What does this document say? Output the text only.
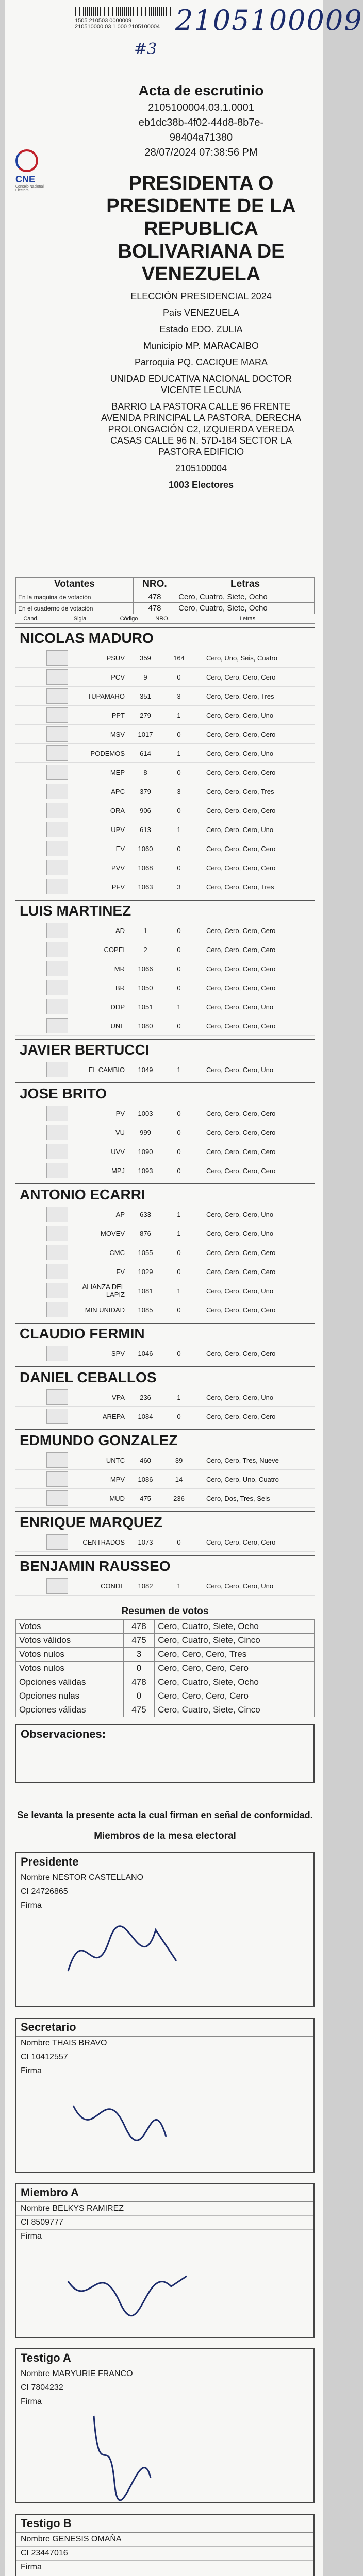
1505 210503 0000009
210510000 03 1 000 2105100004 2105100009
#3
CNE
Consejo Nacional Electoral
Acta de escrutinio
2105100004.03.1.0001
eb1dc38b-4f02-44d8-8b7e-
98404a71380
28/07/2024 07:38:56 PM
PRESIDENTA O PRESIDENTE DE LA REPUBLICA BOLIVARIANA DE VENEZUELA
ELECCIÓN PRESIDENCIAL 2024
País VENEZUELA
Estado EDO. ZULIA
Municipio MP. MARACAIBO
Parroquia PQ. CACIQUE MARA
UNIDAD EDUCATIVA NACIONAL DOCTOR VICENTE LECUNA
BARRIO LA PASTORA CALLE 96 FRENTE AVENIDA PRINCIPAL LA PASTORA, DERECHA PROLONGACIÓN C2, IZQUIERDA VEREDA CASAS CALLE 96 N. 57D-184 SECTOR LA PASTORA EDIFICIO
2105100004
1003 Electores
Votantes	NRO.	Letras
En la maquina de votación	478	Cero, Cuatro, Siete, Ocho
En el cuaderno de votación	478	Cero, Cuatro, Siete, Ocho
Cand.	Sigla	Código	NRO.	Letras
NICOLAS MADURO
PSUV	359	164	Cero, Uno, Seis, Cuatro
PCV	9	0	Cero, Cero, Cero, Cero
TUPAMARO	351	3	Cero, Cero, Cero, Tres
PPT	279	1	Cero, Cero, Cero, Uno
MSV	1017	0	Cero, Cero, Cero, Cero
PODEMOS	614	1	Cero, Cero, Cero, Uno
MEP	8	0	Cero, Cero, Cero, Cero
APC	379	3	Cero, Cero, Cero, Tres
ORA	906	0	Cero, Cero, Cero, Cero
UPV	613	1	Cero, Cero, Cero, Uno
EV	1060	0	Cero, Cero, Cero, Cero
PVV	1068	0	Cero, Cero, Cero, Cero
PFV	1063	3	Cero, Cero, Cero, Tres
LUIS MARTINEZ
AD	1	0	Cero, Cero, Cero, Cero
COPEI	2	0	Cero, Cero, Cero, Cero
MR	1066	0	Cero, Cero, Cero, Cero
BR	1050	0	Cero, Cero, Cero, Cero
DDP	1051	1	Cero, Cero, Cero, Uno
UNE	1080	0	Cero, Cero, Cero, Cero
JAVIER BERTUCCI
EL CAMBIO	1049	1	Cero, Cero, Cero, Uno
JOSE BRITO
PV	1003	0	Cero, Cero, Cero, Cero
VU	999	0	Cero, Cero, Cero, Cero
UVV	1090	0	Cero, Cero, Cero, Cero
MPJ	1093	0	Cero, Cero, Cero, Cero
ANTONIO ECARRI
AP	633	1	Cero, Cero, Cero, Uno
MOVEV	876	1	Cero, Cero, Cero, Uno
CMC	1055	0	Cero, Cero, Cero, Cero
FV	1029	0	Cero, Cero, Cero, Cero
ALIANZA DEL LAPIZ	1081	1	Cero, Cero, Cero, Uno
MIN UNIDAD	1085	0	Cero, Cero, Cero, Cero
CLAUDIO FERMIN
SPV	1046	0	Cero, Cero, Cero, Cero
DANIEL CEBALLOS
VPA	236	1	Cero, Cero, Cero, Uno
AREPA	1084	0	Cero, Cero, Cero, Cero
EDMUNDO GONZALEZ
UNTC	460	39	Cero, Cero, Tres, Nueve
MPV	1086	14	Cero, Cero, Uno, Cuatro
MUD	475	236	Cero, Dos, Tres, Seis
ENRIQUE MARQUEZ
CENTRADOS	1073	0	Cero, Cero, Cero, Cero
BENJAMIN RAUSSEO
CONDE	1082	1	Cero, Cero, Cero, Uno
Resumen de votos
Votos	478	Cero, Cuatro, Siete, Ocho
Votos válidos	475	Cero, Cuatro, Siete, Cinco
Votos nulos	3	Cero, Cero, Cero, Tres
Votos nulos	0	Cero, Cero, Cero, Cero
Opciones válidas	478	Cero, Cuatro, Siete, Ocho
Opciones nulas	0	Cero, Cero, Cero, Cero
Opciones válidas	475	Cero, Cuatro, Siete, Cinco
Observaciones:
Se levanta la presente acta la cual firman en señal de conformidad.
Miembros de la mesa electoral
Presidente
Nombre NESTOR CASTELLANO
CI 24726865
Firma
Secretario
Nombre THAIS BRAVO
CI 10412557
Firma
Miembro A
Nombre BELKYS RAMIREZ
CI 8509777
Firma
Testigo A
Nombre MARYURIE FRANCO
CI 7804232
Firma
Testigo B
Nombre GENESIS OMAÑA
CI 23447016
Firma
